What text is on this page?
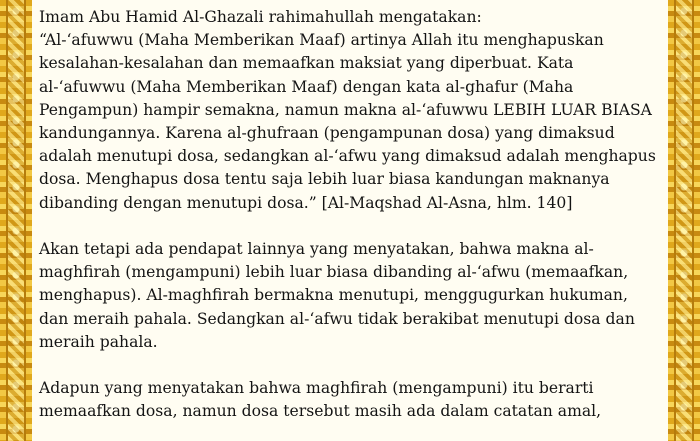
Imam Abu Hamid Al-Ghazali rahimahullah mengatakan:
“Al-‘afuwwu (Maha Memberikan Maaf) artinya Allah itu menghapuskan kesalahan-kesalahan dan memaafkan maksiat yang diperbuat. Kata al-‘afuwwu (Maha Memberikan Maaf) dengan kata al-ghafur (Maha Pengampun) hampir semakna, namun makna al-‘afuwwu LEBIH LUAR BIASA kandungannya. Karena al-ghufraan (pengampunan dosa) yang dimaksud adalah menutupi dosa, sedangkan al-‘afwu yang dimaksud adalah menghapus dosa. Menghapus dosa tentu saja lebih luar biasa kandungan maknanya dibanding dengan menutupi dosa.” [Al-Maqshad Al-Asna, hlm. 140]

Akan tetapi ada pendapat lainnya yang menyatakan, bahwa makna al-maghfirah (mengampuni) lebih luar biasa dibanding al-‘afwu (memaafkan, menghapus). Al-maghfirah bermakna menutupi, menggugurkan hukuman, dan meraih pahala. Sedangkan al-‘afwu tidak berakibat menutupi dosa dan meraih pahala.

Adapun yang menyatakan bahwa maghfirah (mengampuni) itu berarti memaafkan dosa, namun dosa tersebut masih ada dalam catatan amal,
